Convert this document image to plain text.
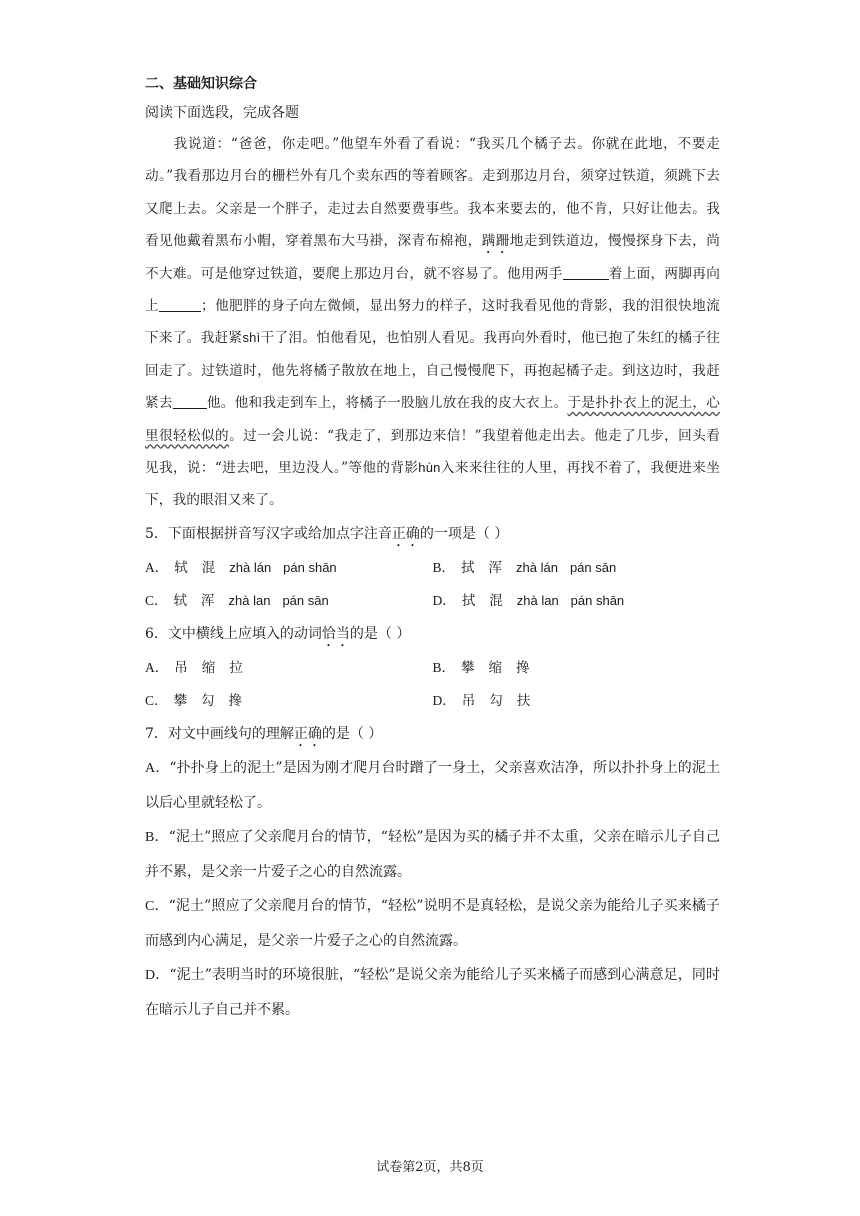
二、基础知识综合
阅读下面选段，完成各题

我说道：“爸爸，你走吧。”他望车外看了看说：“我买几个橘子去。你就在此地，不要走动。”我看那边月台的栅栏外有几个卖东西的等着顾客。走到那边月台，须穿过铁道，须跳下去又爬上去。父亲是一个胖子，走过去自然要费事些。我本来要去的，他不肯，只好让他去。我看见他戴着黑布小帽，穿着黑布大马褂，深青布棉袍，蹒跚地走到铁道边，慢慢探身下去，尚不大难。可是他穿过铁道，要爬上那边月台，就不容易了。他用两手	着上面，两脚再向上	；他肥胖的身子向左微倾，显出努力的样子，这时我看见他的背影，我的泪很快地流下来了。我赶紧shì干了泪。怕他看见，也怕别人看见。我再向外看时，他已抱了朱红的橘子往回走了。过铁道时，他先将橘子散放在地上，自己慢慢爬下，再抱起橘子走。到这边时，我赶紧去	他。他和我走到车上，将橘子一股脑儿放在我的皮大衣上。于是扑扑衣上的泥土，心里很轻松似的。过一会儿说：“我走了，到那边来信！”我望着他走出去。他走了几步，回头看见我，说：“进去吧，里边没人。”等他的背影hùn入来来往往的人里，再找不着了，我便进来坐下，我的眼泪又来了。

5．下面根据拼音写汉字或给加点字注音正确的一项是（ ）
A． 轼 混 zhà lán pán shān	B． 拭 浑 zhà lán pán sān
C． 轼 浑 zhà lan pán sān	D． 拭 混 zhà lan pán shān
6．文中横线上应填入的动词恰当的是（ ）
A． 吊 缩 拉	B． 攀 缩 搀
C． 攀 勾 搀	D． 吊 勾 扶
7．对文中画线句的理解正确的是（ ）
A．“扑扑身上的泥土”是因为刚才爬月台时蹭了一身土，父亲喜欢洁净，所以扑扑身上的泥土以后心里就轻松了。
B．“泥土”照应了父亲爬月台的情节，“轻松”是因为买的橘子并不太重，父亲在暗示儿子自己并不累，是父亲一片爱子之心的自然流露。
C．“泥土”照应了父亲爬月台的情节，“轻松”说明不是真轻松，是说父亲为能给儿子买来橘子而感到内心满足，是父亲一片爱子之心的自然流露。
D．“泥土”表明当时的环境很脏，“轻松”是说父亲为能给儿子买来橘子而感到心满意足，同时在暗示儿子自己并不累。
试卷第2页，共8页
